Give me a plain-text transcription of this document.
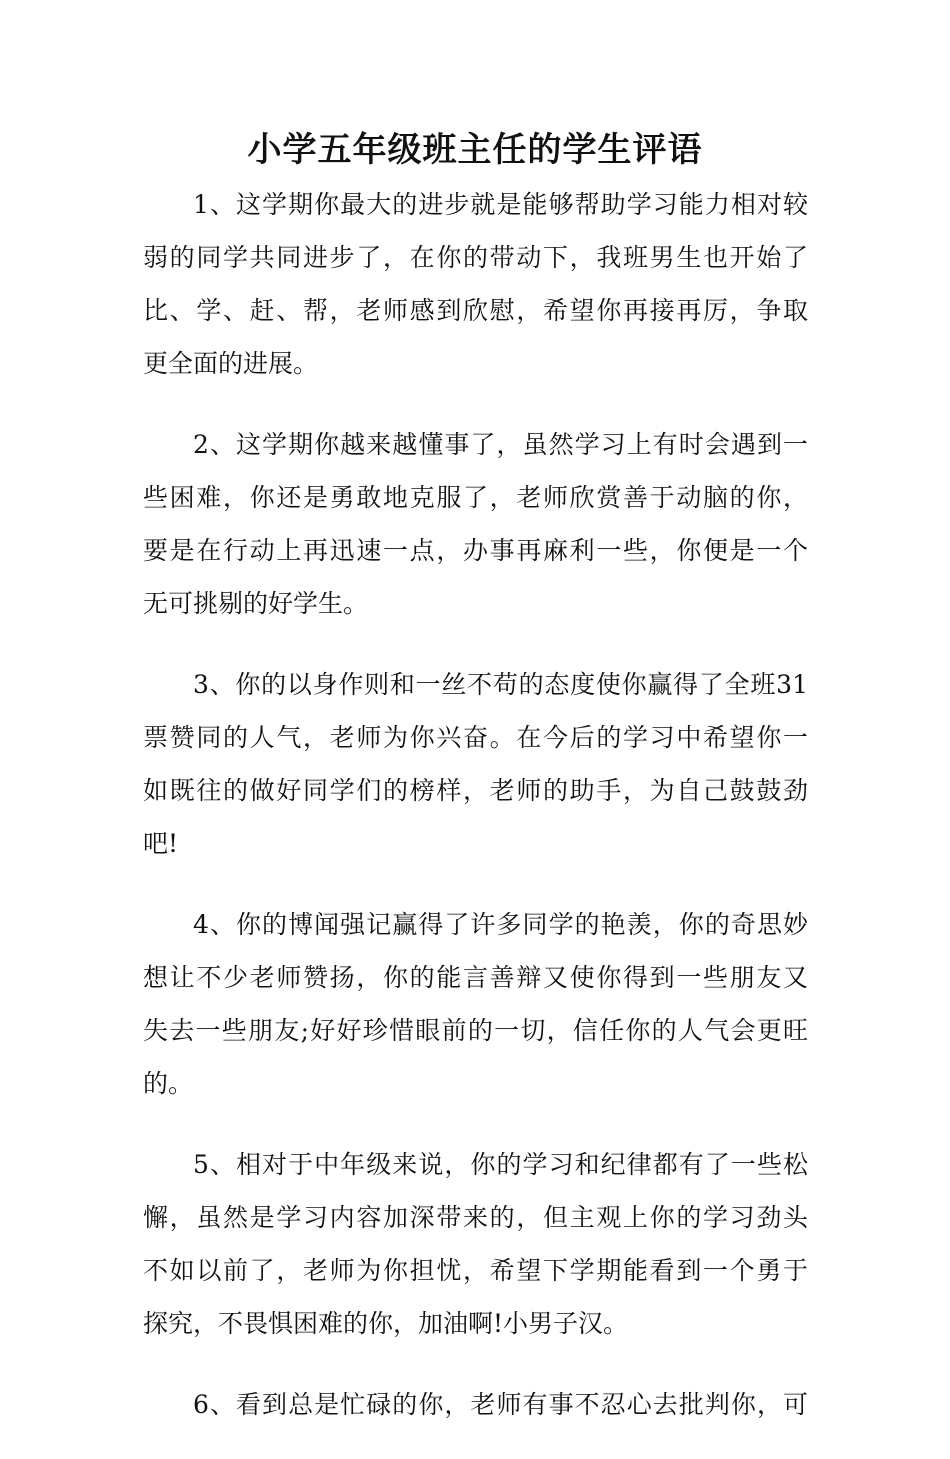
小学五年级班主任的学生评语
1、这学期你最大的进步就是能够帮助学习能力相对较
弱的同学共同进步了，在你的带动下，我班男生也开始了
比、学、赶、帮，老师感到欣慰，希望你再接再厉，争取
更全面的进展。
2、这学期你越来越懂事了，虽然学习上有时会遇到一
些困难，你还是勇敢地克服了，老师欣赏善于动脑的你，
要是在行动上再迅速一点，办事再麻利一些，你便是一个
无可挑剔的好学生。
3、你的以身作则和一丝不苟的态度使你赢得了全班31
票赞同的人气，老师为你兴奋。在今后的学习中希望你一
如既往的做好同学们的榜样，老师的助手，为自己鼓鼓劲
吧!
4、你的博闻强记赢得了许多同学的艳羡，你的奇思妙
想让不少老师赞扬，你的能言善辩又使你得到一些朋友又
失去一些朋友;好好珍惜眼前的一切，信任你的人气会更旺
的。
5、相对于中年级来说，你的学习和纪律都有了一些松
懈，虽然是学习内容加深带来的，但主观上你的学习劲头
不如以前了，老师为你担忧，希望下学期能看到一个勇于
探究，不畏惧困难的你，加油啊!小男子汉。
6、看到总是忙碌的你，老师有事不忍心去批判你，可
